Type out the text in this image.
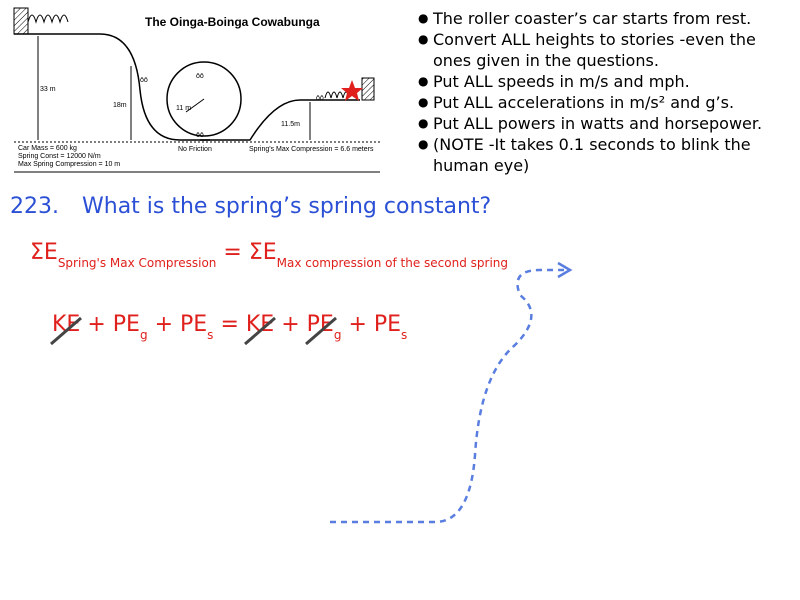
ōō
ōō
ōō
ōō
The Oinga-Boinga Cowabunga
33 m
18m	11 m
11.5m
No Friction	Spring's Max Compression = 6.6 meters
Car Mass = 600 kg
Spring Const = 12000 N/m
Max Spring Compression = 10 m
● The roller coaster’s car starts from rest.
● Convert ALL heights to stories -even the ones given in the questions.
● Put ALL speeds in m/s and mph.
● Put ALL accelerations in m/s² and g’s.
● Put ALL powers in watts and horsepower.
● (NOTE -It takes 0.1 seconds to blink the human eye)
223. What is the spring’s spring constant?
$\Sigma E_{Spring's Max Compression} = \Sigma E_{Max compression of the second spring}$
KE + $PE_g + PE_s$ = KE + $PE_g + PE_s$
